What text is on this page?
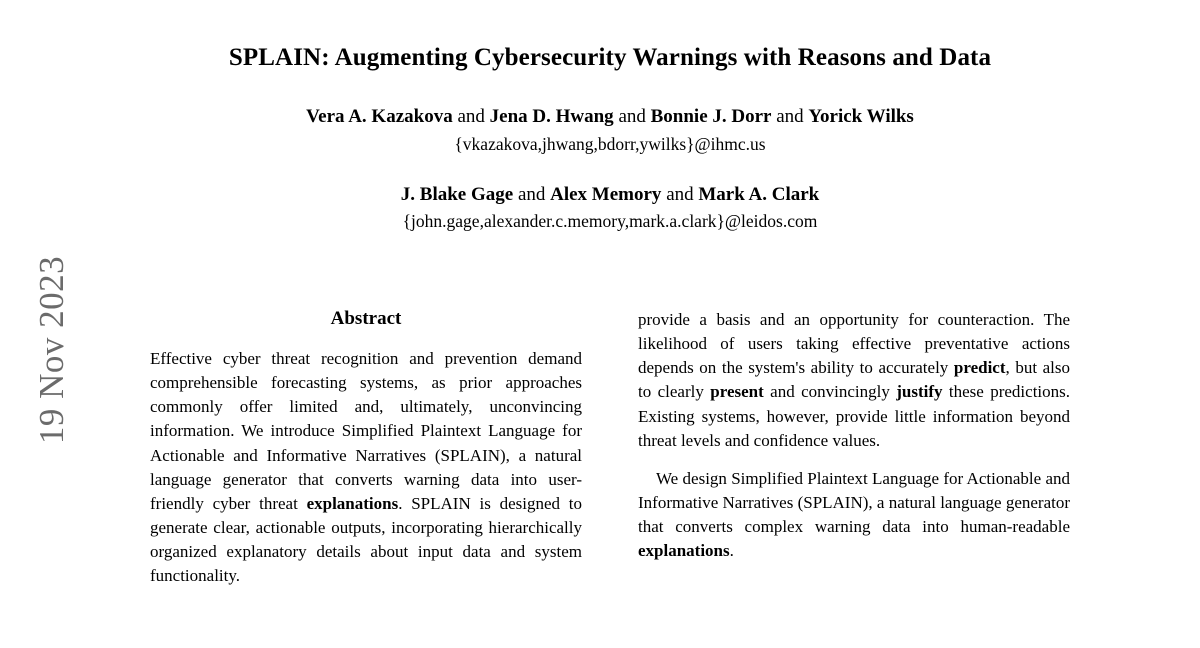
19 Nov 2023
SPLAIN: Augmenting Cybersecurity Warnings with Reasons and Data
Vera A. Kazakova and Jena D. Hwang and Bonnie J. Dorr and Yorick Wilks
{vkazakova,jhwang,bdorr,ywilks}@ihmc.us
J. Blake Gage and Alex Memory and Mark A. Clark
{john.gage,alexander.c.memory,mark.a.clark}@leidos.com
Abstract

Effective cyber threat recognition and prevention demand comprehensible forecasting systems, as prior approaches commonly offer limited and, ultimately, unconvincing information. We introduce Simplified Plaintext Language for Actionable and Informative Narratives (SPLAIN), a natural language generator that converts warning data into user-friendly cyber threat explanations. SPLAIN is designed to generate clear, actionable outputs, incorporating hierarchically organized explanatory details about input data and system functionality.

provide a basis and an opportunity for counteraction. The likelihood of users taking effective preventative actions depends on the system's ability to accurately predict, but also to clearly present and convincingly justify these predictions. Existing systems, however, provide little information beyond threat levels and confidence values.

We design Simplified Plaintext Language for Actionable and Informative Narratives (SPLAIN), a natural language generator that converts complex warning data into human-readable explanations.
